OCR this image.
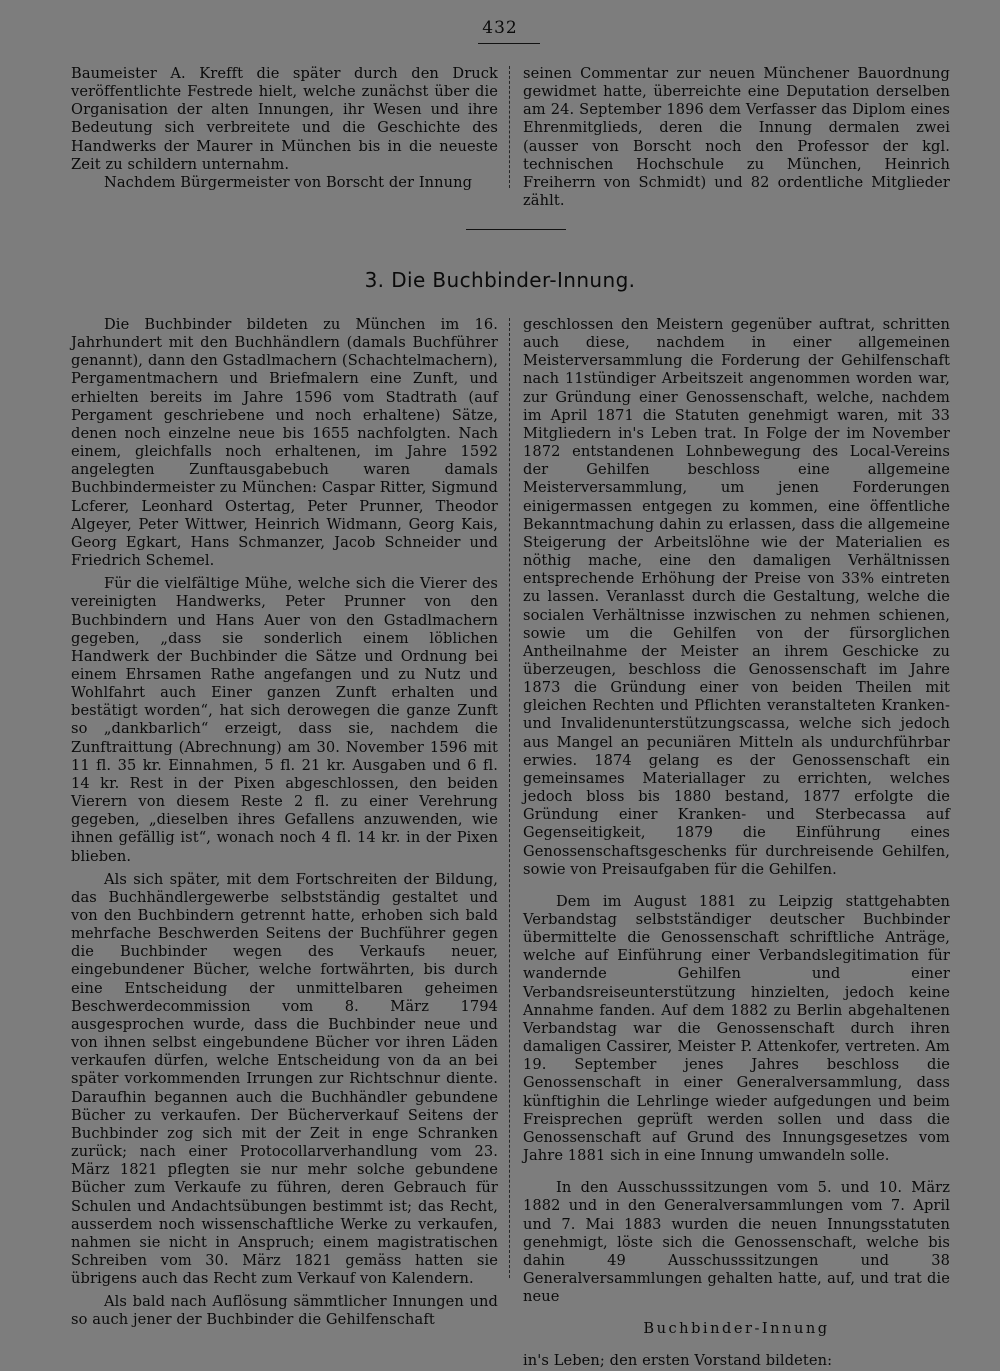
432

Baumeister A. Krefft die später durch den Druck veröffentlichte Festrede hielt, welche zunächst über die Organisation der alten Innungen, ihr Wesen und ihre Bedeutung sich verbreitete und die Geschichte des Handwerks der Maurer in München bis in die neueste Zeit zu schildern unternahm.

Nachdem Bürgermeister von Borscht der Innung

seinen Commentar zur neuen Münchener Bauordnung gewidmet hatte, überreichte eine Deputation derselben am 24. September 1896 dem Verfasser das Diplom eines Ehrenmitglieds, deren die Innung dermalen zwei (ausser von Borscht noch den Professor der kgl. technischen Hochschule zu München, Heinrich Freiherrn von Schmidt) und 82 ordentliche Mitglieder zählt.

3. Die Buchbinder-Innung.

Die Buchbinder bildeten zu München im 16. Jahrhundert mit den Buchhändlern (damals Buchführer genannt), dann den Gstadlmachern (Schachtelmachern), Pergamentmachern und Briefmalern eine Zunft, und erhielten bereits im Jahre 1596 vom Stadtrath (auf Pergament geschriebene und noch erhaltene) Sätze, denen noch einzelne neue bis 1655 nachfolgten. Nach einem, gleichfalls noch erhaltenen, im Jahre 1592 angelegten Zunftausgabebuch waren damals Buchbindermeister zu München: Caspar Ritter, Sigmund Lcferer, Leonhard Ostertag, Peter Prunner, Theodor Algeyer, Peter Wittwer, Heinrich Widmann, Georg Kais, Georg Egkart, Hans Schmanzer, Jacob Schneider und Friedrich Schemel.

Für die vielfältige Mühe, welche sich die Vierer des vereinigten Handwerks, Peter Prunner von den Buchbindern und Hans Auer von den Gstadlmachern gegeben, „dass sie sonderlich einem löblichen Handwerk der Buchbinder die Sätze und Ordnung bei einem Ehrsamen Rathe angefangen und zu Nutz und Wohlfahrt auch Einer ganzen Zunft erhalten und bestätigt worden“, hat sich derowegen die ganze Zunft so „dankbarlich“ erzeigt, dass sie, nachdem die Zunftraittung (Abrechnung) am 30. November 1596 mit 11 fl. 35 kr. Einnahmen, 5 fl. 21 kr. Ausgaben und 6 fl. 14 kr. Rest in der Pixen abgeschlossen, den beiden Vierern von diesem Reste 2 fl. zu einer Verehrung gegeben, „dieselben ihres Gefallens anzuwenden, wie ihnen gefällig ist“, wonach noch 4 fl. 14 kr. in der Pixen blieben.

Als sich später, mit dem Fortschreiten der Bildung, das Buchhändlergewerbe selbstständig gestaltet und von den Buchbindern getrennt hatte, erhoben sich bald mehrfache Beschwerden Seitens der Buchführer gegen die Buchbinder wegen des Verkaufs neuer, eingebundener Bücher, welche fortwährten, bis durch eine Entscheidung der unmittelbaren geheimen Beschwerdecommission vom 8. März 1794 ausgesprochen wurde, dass die Buchbinder neue und von ihnen selbst eingebundene Bücher vor ihren Läden verkaufen dürfen, welche Entscheidung von da an bei später vorkommenden Irrungen zur Richtschnur diente. Daraufhin begannen auch die Buchhändler gebundene Bücher zu verkaufen. Der Bücherverkauf Seitens der Buchbinder zog sich mit der Zeit in enge Schranken zurück; nach einer Protocollarverhandlung vom 23. März 1821 pflegten sie nur mehr solche gebundene Bücher zum Verkaufe zu führen, deren Gebrauch für Schulen und Andachtsübungen bestimmt ist; das Recht, ausserdem noch wissenschaftliche Werke zu verkaufen, nahmen sie nicht in Anspruch; einem magistratischen Schreiben vom 30. März 1821 gemäss hatten sie übrigens auch das Recht zum Verkauf von Kalendern.

Als bald nach Auflösung sämmtlicher Innungen und so auch jener der Buchbinder die Gehilfenschaft

geschlossen den Meistern gegenüber auftrat, schritten auch diese, nachdem in einer allgemeinen Meisterversammlung die Forderung der Gehilfenschaft nach 11stündiger Arbeitszeit angenommen worden war, zur Gründung einer Genossenschaft, welche, nachdem im April 1871 die Statuten genehmigt waren, mit 33 Mitgliedern in's Leben trat. In Folge der im November 1872 entstandenen Lohnbewegung des Local-Vereins der Gehilfen beschloss eine allgemeine Meisterversammlung, um jenen Forderungen einigermassen entgegen zu kommen, eine öffentliche Bekanntmachung dahin zu erlassen, dass die allgemeine Steigerung der Arbeitslöhne wie der Materialien es nöthig mache, eine den damaligen Verhältnissen entsprechende Erhöhung der Preise von 33% eintreten zu lassen. Veranlasst durch die Gestaltung, welche die socialen Verhältnisse inzwischen zu nehmen schienen, sowie um die Gehilfen von der fürsorglichen Antheilnahme der Meister an ihrem Geschicke zu überzeugen, beschloss die Genossenschaft im Jahre 1873 die Gründung einer von beiden Theilen mit gleichen Rechten und Pflichten veranstalteten Kranken- und Invalidenunterstützungscassa, welche sich jedoch aus Mangel an pecuniären Mitteln als undurchführbar erwies. 1874 gelang es der Genossenschaft ein gemeinsames Materiallager zu errichten, welches jedoch bloss bis 1880 bestand, 1877 erfolgte die Gründung einer Kranken- und Sterbecassa auf Gegenseitigkeit, 1879 die Einführung eines Genossenschaftsgeschenks für durchreisende Gehilfen, sowie von Preisaufgaben für die Gehilfen.

Dem im August 1881 zu Leipzig stattgehabten Verbandstag selbstständiger deutscher Buchbinder übermittelte die Genossenschaft schriftliche Anträge, welche auf Einführung einer Verbandslegitimation für wandernde Gehilfen und einer Verbandsreiseunterstützung hinzielten, jedoch keine Annahme fanden. Auf dem 1882 zu Berlin abgehaltenen Verbandstag war die Genossenschaft durch ihren damaligen Cassirer, Meister P. Attenkofer, vertreten. Am 19. September jenes Jahres beschloss die Genossenschaft in einer Generalversammlung, dass künftighin die Lehrlinge wieder aufgedungen und beim Freisprechen geprüft werden sollen und dass die Genossenschaft auf Grund des Innungsgesetzes vom Jahre 1881 sich in eine Innung umwandeln solle.

In den Ausschusssitzungen vom 5. und 10. März 1882 und in den Generalversammlungen vom 7. April und 7. Mai 1883 wurden die neuen Innungsstatuten genehmigt, löste sich die Genossenschaft, welche bis dahin 49 Ausschusssitzungen und 38 Generalversammlungen gehalten hatte, auf, und trat die neue

Buchbinder-Innung

in's Leben; den ersten Vorstand bildeten:
